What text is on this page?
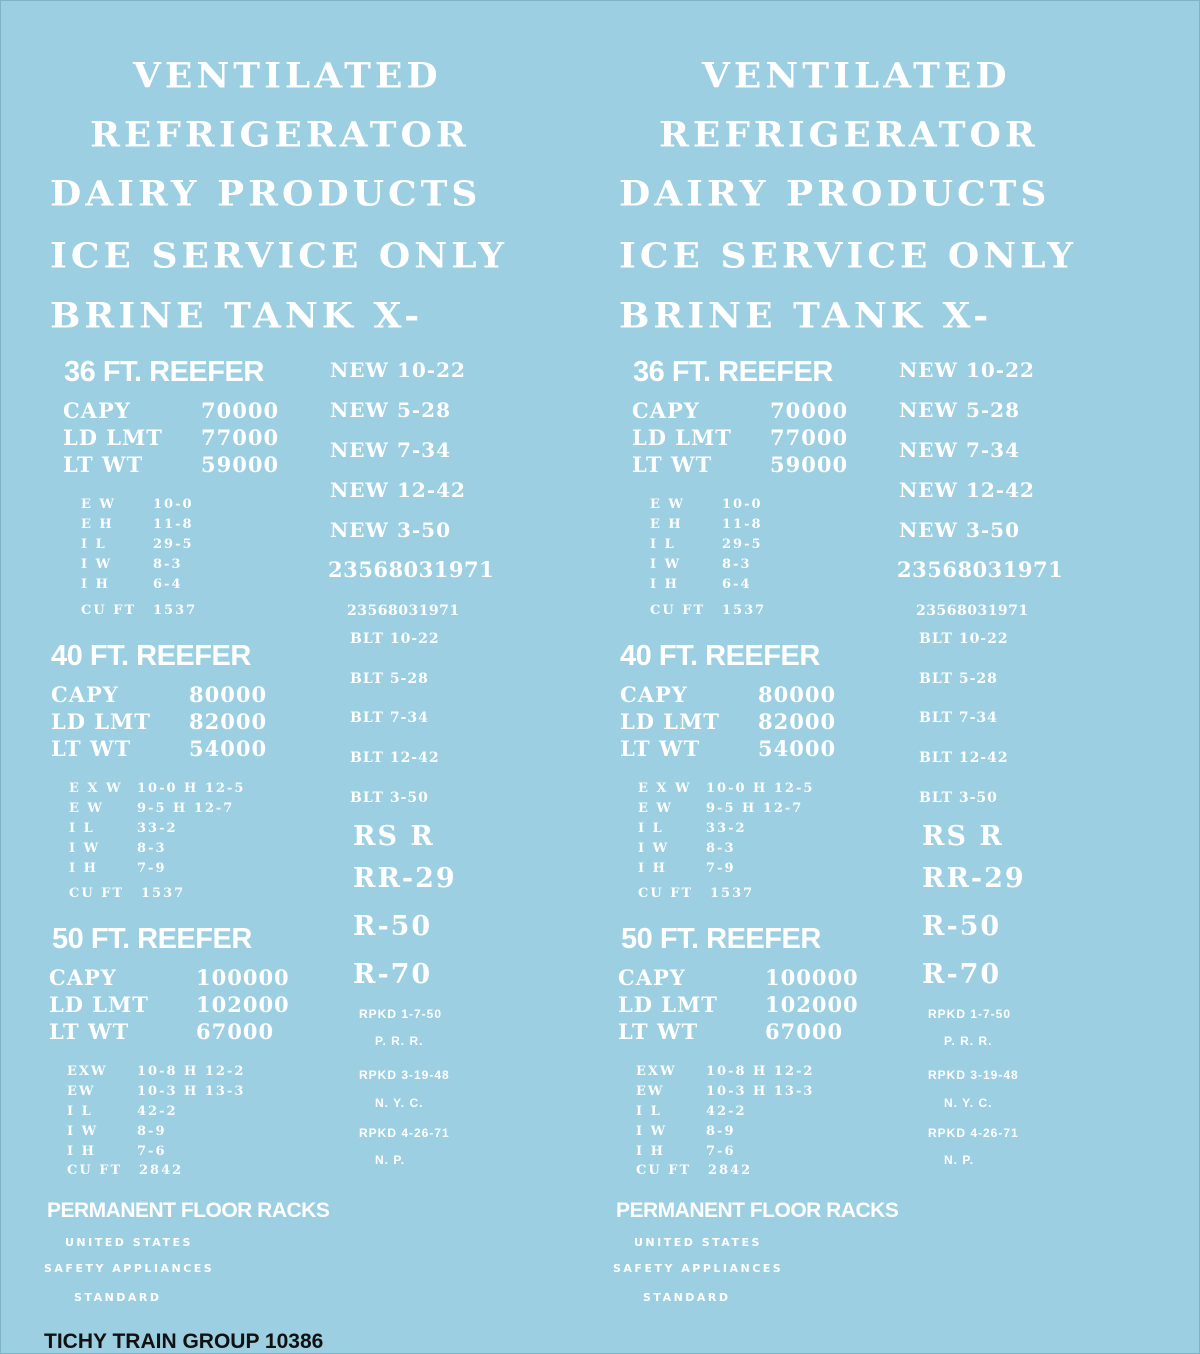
VENTILATED
REFRIGERATOR
DAIRY PRODUCTS
ICE SERVICE ONLY
BRINE TANK X-
36 FT. REEFER
CAPY	70000
LD LMT 77000
LT WT	59000
E W	10-0
E H	11-8
I L	29-5
I W	8-3
I H	6-4
CU FT 1537
40 FT. REEFER
CAPY	80000
LD LMT 82000
LT WT	54000
E X W 10-0 H 12-5
E W	9-5 H 12-7
I L	33-2
I W	8-3
I H	7-9
CU FT 1537
50 FT. REEFER
CAPY	100000
LD LMT 102000
LT WT	67000
EXW 10-8 H 12-2
EW	10-3 H 13-3
I L	42-2
I W	8-9
I H	7-6
CU FT 2842
NEW 10-22
NEW 5-28
NEW 7-34
NEW 12-42
NEW 3-50
23568031971
23568031971
BLT 10-22
BLT 5-28
BLT 7-34
BLT 12-42
BLT 3-50
RS R
RR-29
R-50
R-70
RPKD 1-7-50
P. R. R.
RPKD 3-19-48
N. Y. C.
RPKD 4-26-71
N. P.
PERMANENT FLOOR RACKS
UNITED STATES
SAFETY APPLIANCES
STANDARD
VENTILATED
REFRIGERATOR
DAIRY PRODUCTS
ICE SERVICE ONLY
BRINE TANK X-
36 FT. REEFER
CAPY	70000
LD LMT 77000
LT WT	59000
E W	10-0
E H	11-8
I L	29-5
I W	8-3
I H	6-4
CU FT 1537
40 FT. REEFER
CAPY	80000
LD LMT 82000
LT WT	54000
E X W 10-0 H 12-5
E W	9-5 H 12-7
I L	33-2
I W	8-3
I H	7-9
CU FT 1537
50 FT. REEFER
CAPY	100000
LD LMT 102000
LT WT	67000
EXW 10-8 H 12-2
EW	10-3 H 13-3
I L	42-2
I W	8-9
I H	7-6
CU FT 2842
NEW 10-22
NEW 5-28
NEW 7-34
NEW 12-42
NEW 3-50
23568031971
23568031971
BLT 10-22
BLT 5-28
BLT 7-34
BLT 12-42
BLT 3-50
RS R
RR-29
R-50
R-70
RPKD 1-7-50
P. R. R.
RPKD 3-19-48
N. Y. C.
RPKD 4-26-71
N. P.
PERMANENT FLOOR RACKS
UNITED STATES
SAFETY APPLIANCES
STANDARD
TICHY TRAIN GROUP 10386
